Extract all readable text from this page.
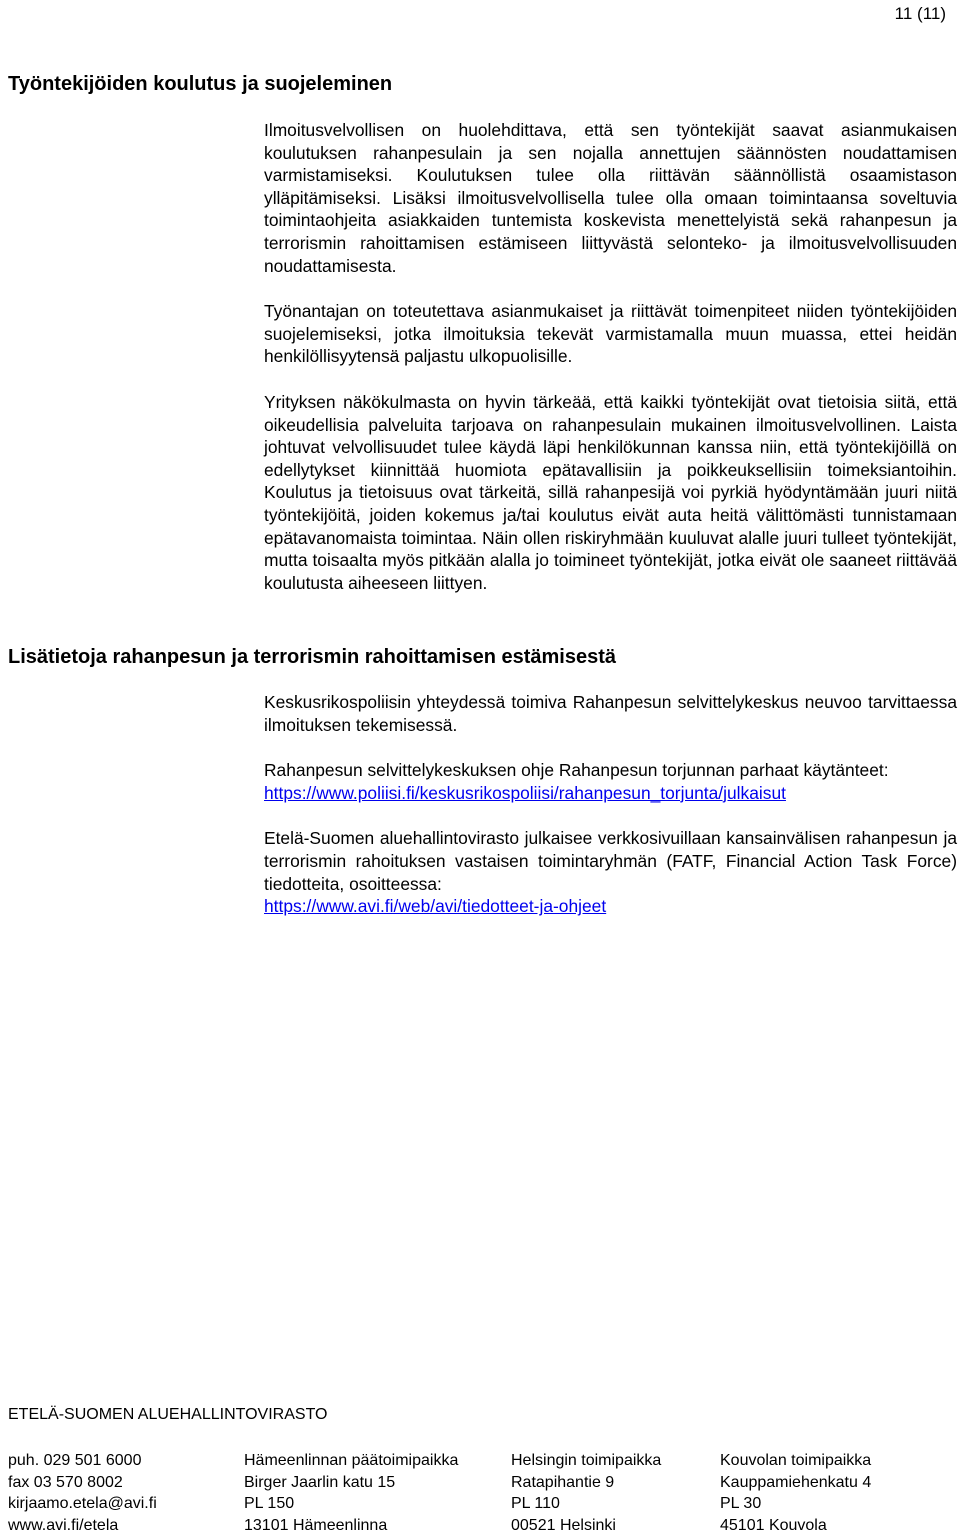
11 (11)
Työntekijöiden koulutus ja suojeleminen

Ilmoitusvelvollisen on huolehdittava, että sen työntekijät saavat asianmukaisen koulutuksen rahanpesulain ja sen nojalla annettujen säännösten noudattamisen varmistamiseksi. Koulutuksen tulee olla riittävän säännöllistä osaamistason ylläpitämiseksi. Lisäksi ilmoitusvelvollisella tulee olla omaan toimintaansa soveltuvia toimintaohjeita asiakkaiden tuntemista koskevista menettelyistä sekä rahanpesun ja terrorismin rahoittamisen estämiseen liittyvästä selonteko- ja ilmoitusvelvollisuuden noudattamisesta.

Työnantajan on toteutettava asianmukaiset ja riittävät toimenpiteet niiden työntekijöiden suojelemiseksi, jotka ilmoituksia tekevät varmistamalla muun muassa, ettei heidän henkilöllisyytensä paljastu ulkopuolisille.

Yrityksen näkökulmasta on hyvin tärkeää, että kaikki työntekijät ovat tietoisia siitä, että oikeudellisia palveluita tarjoava on rahanpesulain mukainen ilmoitusvelvollinen. Laista johtuvat velvollisuudet tulee käydä läpi henkilökunnan kanssa niin, että työntekijöillä on edellytykset kiinnittää huomiota epätavallisiin ja poikkeuksellisiin toimeksiantoihin. Koulutus ja tietoisuus ovat tärkeitä, sillä rahanpesijä voi pyrkiä hyödyntämään juuri niitä työntekijöitä, joiden kokemus ja/tai koulutus eivät auta heitä välittömästi tunnistamaan epätavanomaista toimintaa. Näin ollen riskiryhmään kuuluvat alalle juuri tulleet työntekijät, mutta toisaalta myös pitkään alalla jo toimineet työntekijät, jotka eivät ole saaneet riittävää koulutusta aiheeseen liittyen.

Lisätietoja rahanpesun ja terrorismin rahoittamisen estämisestä

Keskusrikospoliisin yhteydessä toimiva Rahanpesun selvittelykeskus neuvoo tarvittaessa ilmoituksen tekemisessä.

Rahanpesun selvittelykeskuksen ohje Rahanpesun torjunnan parhaat käytänteet:
https://www.poliisi.fi/keskusrikospoliisi/rahanpesun_torjunta/julkaisut

Etelä-Suomen aluehallintovirasto julkaisee verkkosivuillaan kansainvälisen rahanpesun ja terrorismin rahoituksen vastaisen toimintaryhmän (FATF, Financial Action Task Force) tiedotteita, osoitteessa:
https://www.avi.fi/web/avi/tiedotteet-ja-ohjeet

ETELÄ-SUOMEN ALUEHALLINTOVIRASTO
puh. 029 501 6000
fax 03 570 8002
kirjaamo.etela@avi.fi
www.avi.fi/etela
Hämeenlinnan päätoimipaikka
Birger Jaarlin katu 15
PL 150
13101 Hämeenlinna
Helsingin toimipaikka
Ratapihantie 9
PL 110
00521 Helsinki
Kouvolan toimipaikka
Kauppamiehenkatu 4
PL 30
45101 Kouvola
